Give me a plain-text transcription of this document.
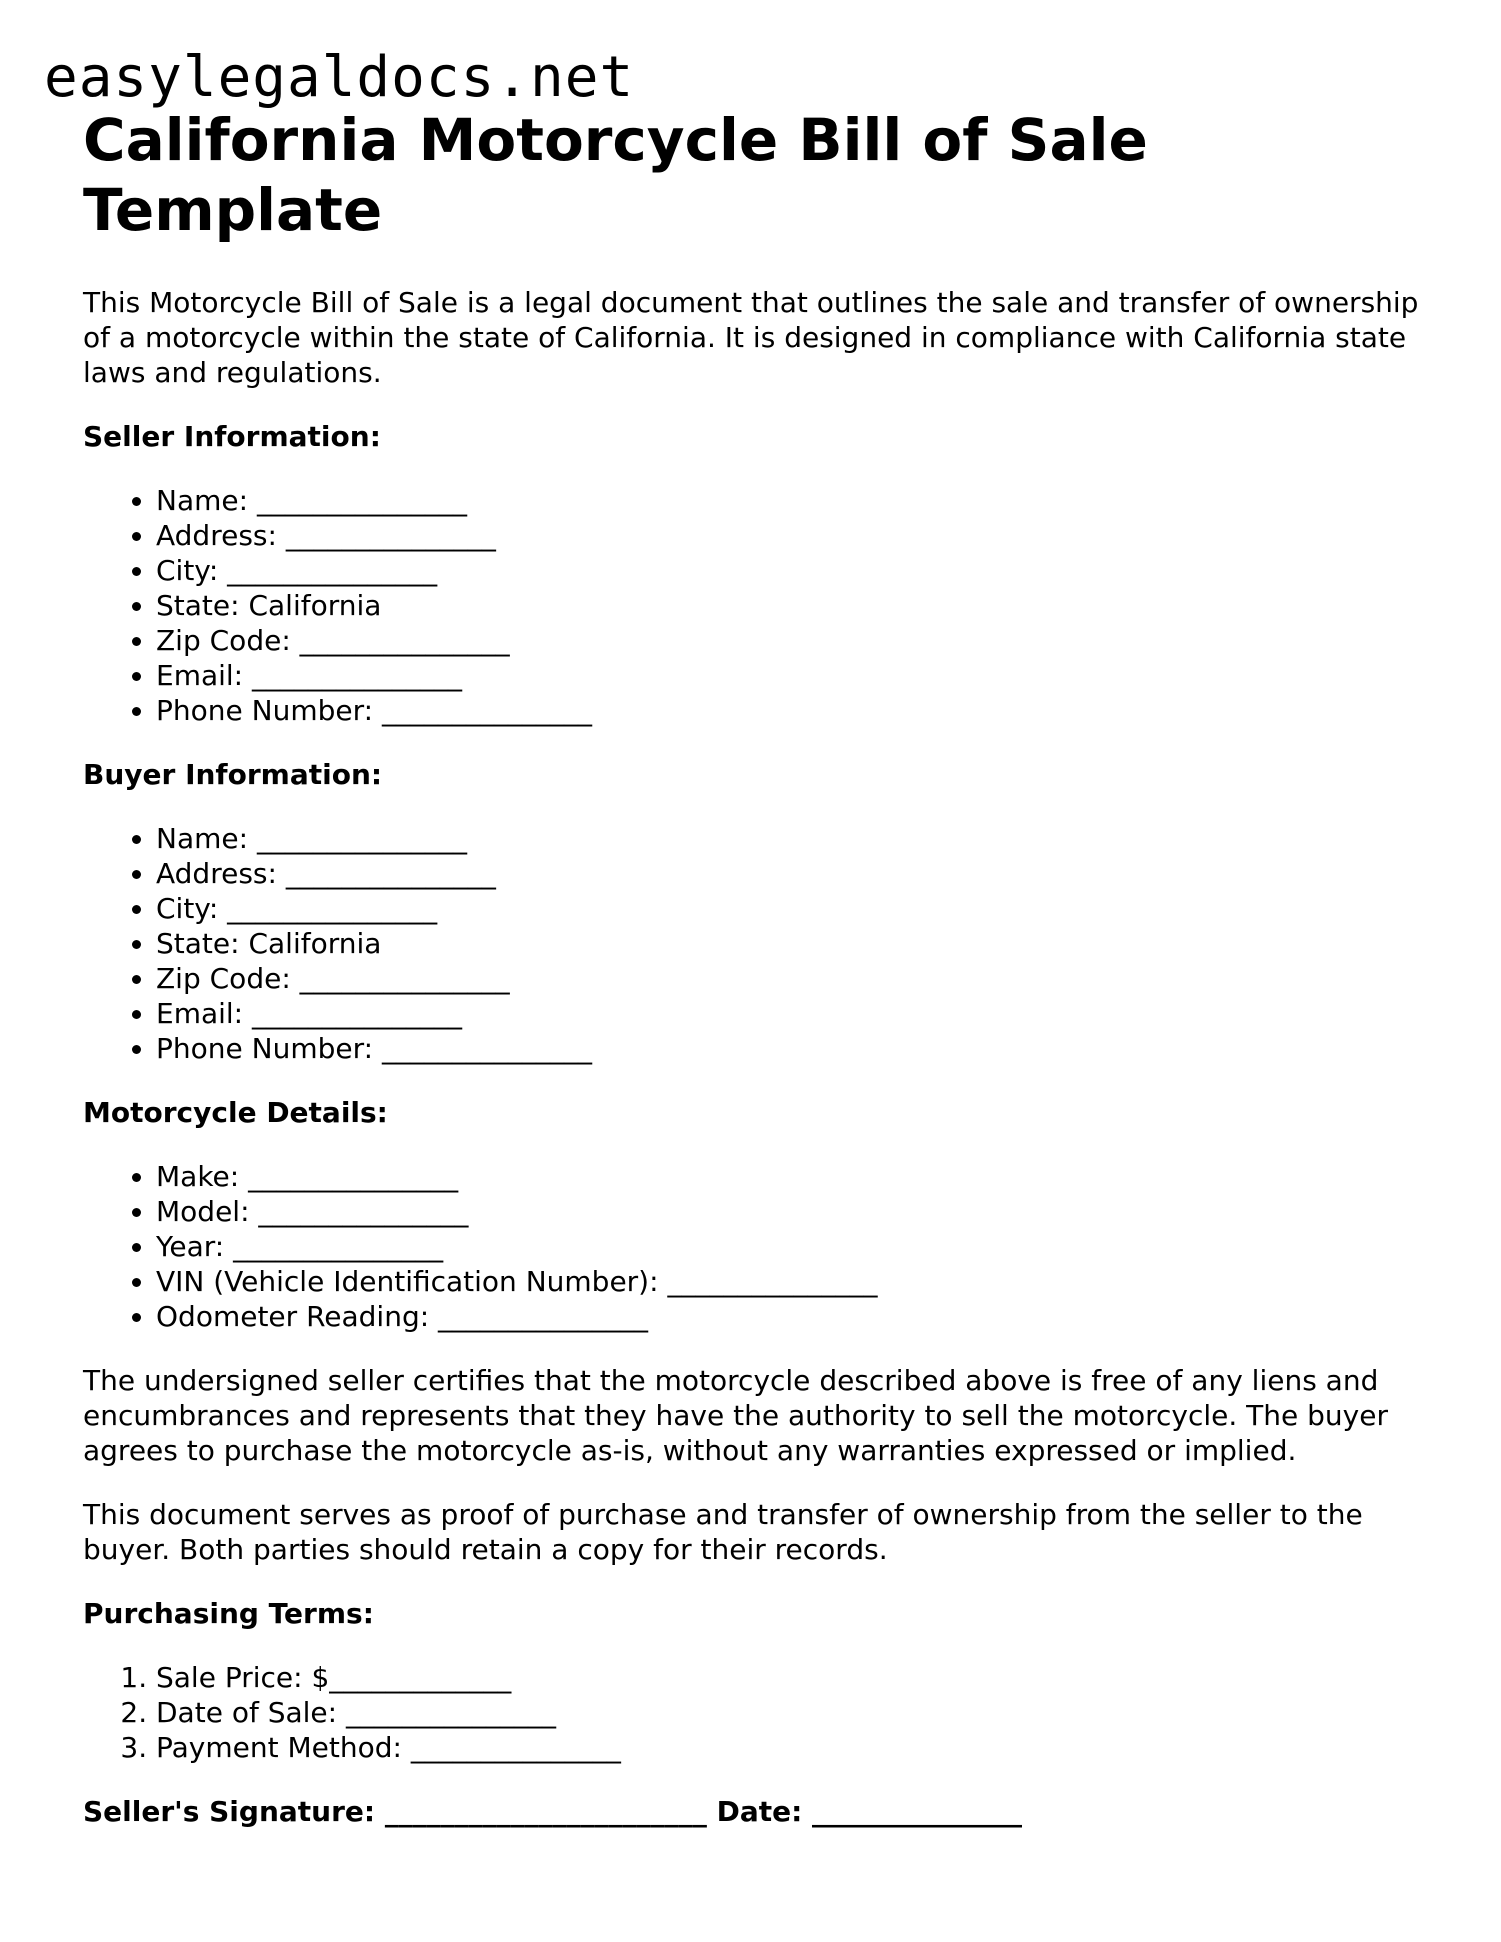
easylegaldocs.net
California Motorcycle Bill of Sale Template

This Motorcycle Bill of Sale is a legal document that outlines the sale and transfer of ownership of a motorcycle within the state of California. It is designed in compliance with California state laws and regulations.

Seller Information:
• Name: _______________
• Address: _______________
• City: _______________
• State: California
• Zip Code: _______________
• Email: _______________
• Phone Number: _______________
Buyer Information:
• Name: _______________
• Address: _______________
• City: _______________
• State: California
• Zip Code: _______________
• Email: _______________
• Phone Number: _______________
Motorcycle Details:
• Make: _______________
• Model: _______________
• Year: _______________
• VIN (Vehicle Identification Number): _______________
• Odometer Reading: _______________

The undersigned seller certifies that the motorcycle described above is free of any liens and encumbrances and represents that they have the authority to sell the motorcycle. The buyer agrees to purchase the motorcycle as-is, without any warranties expressed or implied.

This document serves as proof of purchase and transfer of ownership from the seller to the buyer. Both parties should retain a copy for their records.

Purchasing Terms:
1. Sale Price: $_____________
2. Date of Sale: _______________
3. Payment Method: _______________

Seller's Signature: _______________________ Date: _______________
